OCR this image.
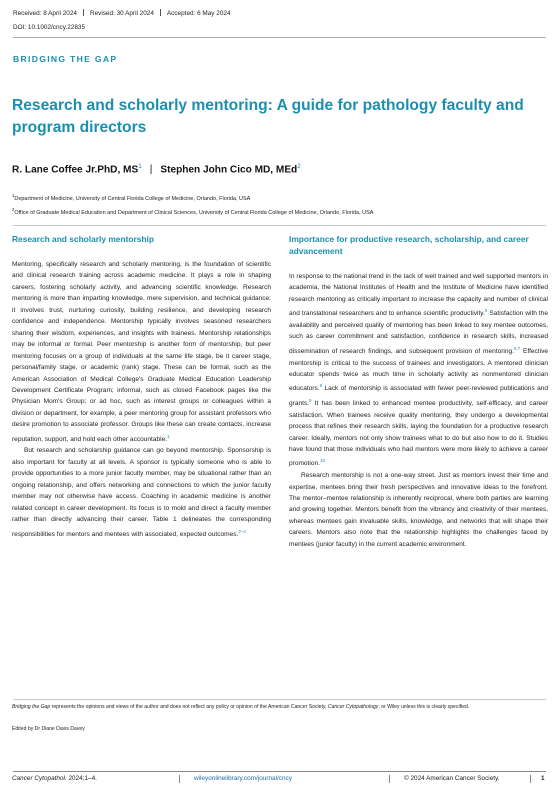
Received: 8 April 2024 Revised: 30 April 2024 Accepted: 6 May 2024
DOI: 10.1002/cncy.22835
BRIDGING THE GAP
Research and scholarly mentoring: A guide for pathology faculty and program directors
R. Lane Coffee Jr.PhD, $MS^1$ | Stephen John Cico MD, MEd$^2$
$^1$Department of Medicine, University of Central Florida College of Medicine, Orlando, Florida, USA
$^2$Office of Graduate Medical Education and Department of Clinical Sciences, University of Central Florida College of Medicine, Orlando, Florida, USA
Research and scholarly mentorship

Mentoring, specifically research and scholarly mentoring, is the foundation of scientific and clinical research training across academic medicine. It plays a role in shaping careers, fostering scholarly activity, and advancing scientific knowledge. Research mentoring is more than imparting knowledge, mere supervision, and technical guidance; it involves trust, nurturing curiosity, building resilience, and developing research confidence and independence. Mentorship typically involves seasoned researchers sharing their wisdom, experiences, and insights with trainees. Mentorship relationships may be informal or formal. Peer mentorship is another form of mentorship, but peer mentoring focuses on a group of individuals at the same life stage, be it career stage, personal/family stage, or academic (rank) stage. These can be formal, such as the American Association of Medical College's Graduate Medical Education Leadership Development Certificate Program; informal, such as closed Facebook pages like the Physician Mom's Group; or ad hoc, such as interest groups or colleagues within a division or department, for example, a peer mentoring group for assistant professors who desire promotion to associate professor. Groups like these can create contacts, increase reputation, support, and hold each other accountable.$^1$

But research and scholarship guidance can go beyond mentorship. Sponsorship is also important for faculty at all levels. A sponsor is typically someone who is able to provide opportunities to a more junior faculty member, may be situational rather than an ongoing relationship, and offers networking and connections to which the junior faculty member may not otherwise have access. Coaching in academic medicine is another related concept in career development. Its focus is to mold and direct a faculty member rather than directly advancing their career. Table 1 delineates the corresponding responsibilities for mentors and mentees with associated, expected outcomes.$^{2-4}$

Importance for productive research, scholarship, and career advancement

In response to the national trend in the lack of well trained and well supported mentors in academia, the National Institutes of Health and the Institute of Medicine have identified research mentoring as critically important to increase the capacity and number of clinical and translational researchers and to enhance scientific productivity.$^5$ Satisfaction with the availability and perceived quality of mentoring has been linked to key mentee outcomes, such as career commitment and satisfaction, confidence in research skills, increased dissemination of research findings, and subsequent provision of mentoring.$^{6,7}$ Effective mentorship is critical to the success of trainees and investigators. A mentored clinician educator spends twice as much time in scholarly activity as nonmentored clinician educators.$^8$ Lack of mentorship is associated with fewer peer-reviewed publications and grants.$^9$ It has been linked to enhanced mentee productivity, self-efficacy, and career satisfaction. When trainees receive quality mentoring, they undergo a developmental process that refines their research skills, laying the foundation for a productive research career. Ideally, mentors not only show trainees what to do but also how to do it. Studies have found that those individuals who had mentors were more likely to achieve a career promotion.$^{10}$

Research mentorship is not a one-way street. Just as mentors invest their time and expertise, mentees bring their fresh perspectives and innovative ideas to the forefront. The mentor–mentee relationship is inherently reciprocal, where both parties are learning and growing together. Mentors benefit from the vibrancy and creativity of their mentees, whereas mentees gain invaluable skills, knowledge, and networks that will shape their careers. Mentors also note that the relationship highlights the challenges faced by mentees (junior faculty) in the current academic environment.

Bridging the Gap represents the opinions and views of the author and does not reflect any policy or opinion of the American Cancer Society, Cancer Cytopathology, or Wiley unless this is clearly specified.
Edited by Dr Diane Davis Davey
Cancer Cytopathol. 2024;1–4.	wileyonlinelibrary.com/journal/cncy	© 2024 American Cancer Society.	1
